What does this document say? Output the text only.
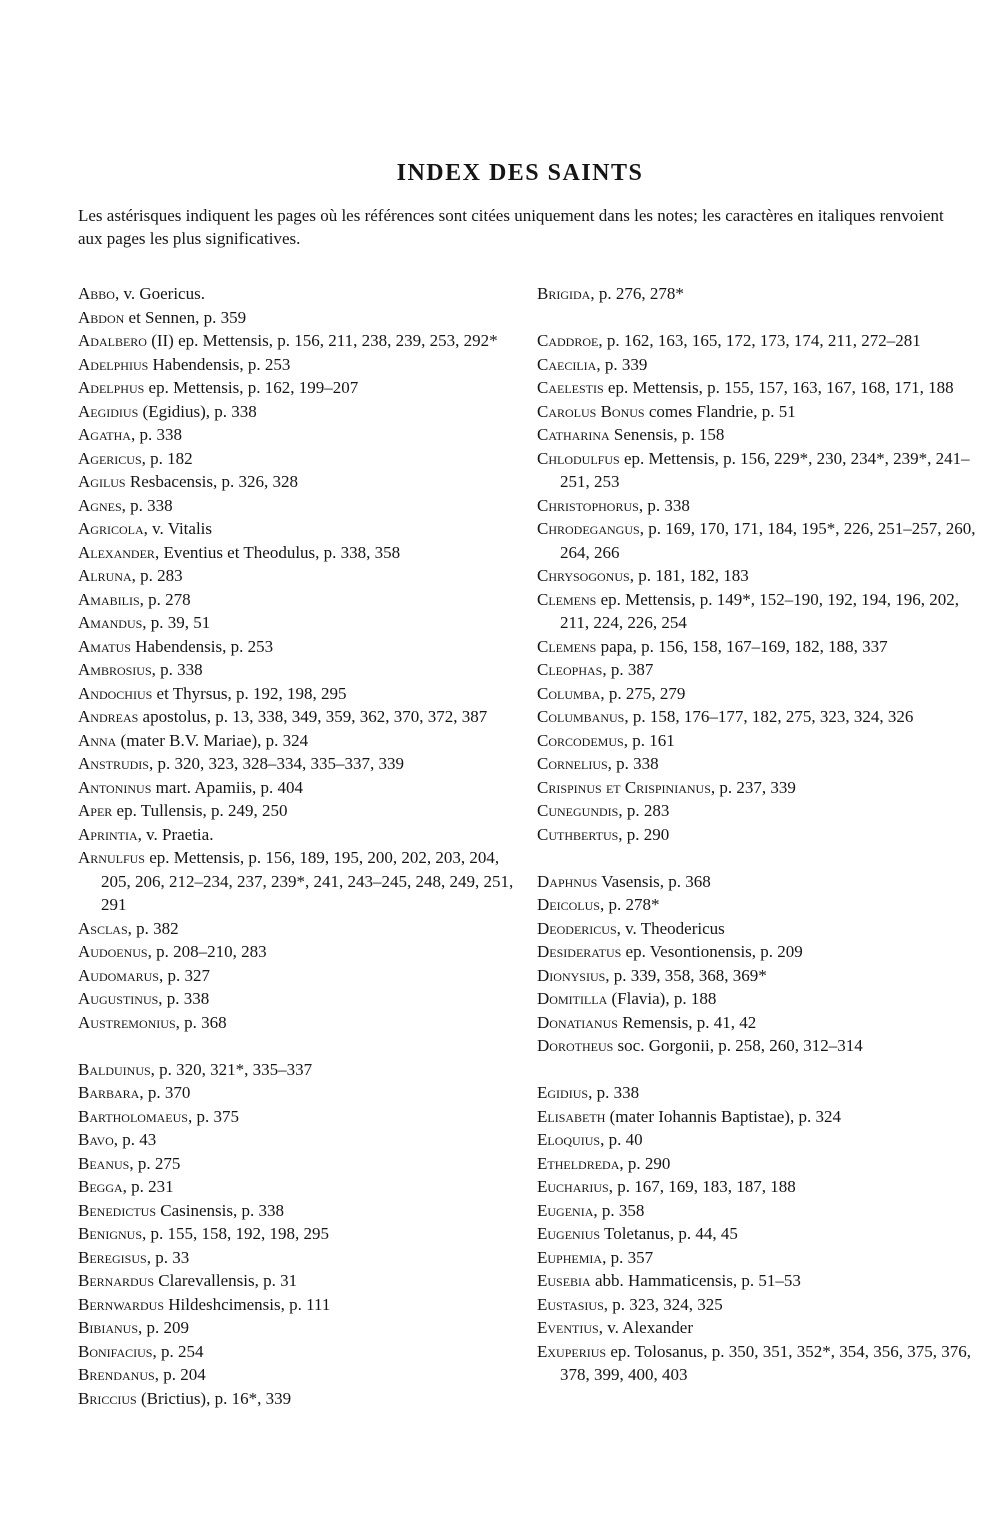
INDEX DES SAINTS

Les astérisques indiquent les pages où les références sont citées uniquement dans les notes; les caractères en italiques renvoient aux pages les plus significatives.

Abbo, v. Goericus.
Abdon et Sennen, p. 359
Adalbero (II) ep. Mettensis, p. 156, 211, 238, 239, 253, 292*
Adelphius Habendensis, p. 253
Adelphus ep. Mettensis, p. 162, 199–207
Aegidius (Egidius), p. 338
Agatha, p. 338
Agericus, p. 182
Agilus Resbacensis, p. 326, 328
Agnes, p. 338
Agricola, v. Vitalis
Alexander, Eventius et Theodulus, p. 338, 358
Alruna, p. 283
Amabilis, p. 278
Amandus, p. 39, 51
Amatus Habendensis, p. 253
Ambrosius, p. 338
Andochius et Thyrsus, p. 192, 198, 295
Andreas apostolus, p. 13, 338, 349, 359, 362, 370, 372, 387
Anna (mater B.V. Mariae), p. 324
Anstrudis, p. 320, 323, 328–334, 335–337, 339
Antoninus mart. Apamiis, p. 404
Aper ep. Tullensis, p. 249, 250
Aprintia, v. Praetia.
Arnulfus ep. Mettensis, p. 156, 189, 195, 200, 202, 203, 204, 205, 206, 212–234, 237, 239*, 241, 243–245, 248, 249, 251, 291
Asclas, p. 382
Audoenus, p. 208–210, 283
Audomarus, p. 327
Augustinus, p. 338
Austremonius, p. 368
Balduinus, p. 320, 321*, 335–337
Barbara, p. 370
Bartholomaeus, p. 375
Bavo, p. 43
Beanus, p. 275
Begga, p. 231
Benedictus Casinensis, p. 338
Benignus, p. 155, 158, 192, 198, 295
Beregisus, p. 33
Bernardus Clarevallensis, p. 31
Bernwardus Hildeshcimensis, p. 111
Bibianus, p. 209
Bonifacius, p. 254
Brendanus, p. 204
Briccius (Brictius), p. 16*, 339
Brigida, p. 276, 278*
Caddroe, p. 162, 163, 165, 172, 173, 174, 211, 272–281
Caecilia, p. 339
Caelestis ep. Mettensis, p. 155, 157, 163, 167, 168, 171, 188
Carolus Bonus comes Flandrie, p. 51
Catharina Senensis, p. 158
Chlodulfus ep. Mettensis, p. 156, 229*, 230, 234*, 239*, 241–251, 253
Christophorus, p. 338
Chrodegangus, p. 169, 170, 171, 184, 195*, 226, 251–257, 260, 264, 266
Chrysogonus, p. 181, 182, 183
Clemens ep. Mettensis, p. 149*, 152–190, 192, 194, 196, 202, 211, 224, 226, 254
Clemens papa, p. 156, 158, 167–169, 182, 188, 337
Cleophas, p. 387
Columba, p. 275, 279
Columbanus, p. 158, 176–177, 182, 275, 323, 324, 326
Corcodemus, p. 161
Cornelius, p. 338
Crispinus et Crispinianus, p. 237, 339
Cunegundis, p. 283
Cuthbertus, p. 290
Daphnus Vasensis, p. 368
Deicolus, p. 278*
Deodericus, v. Theodericus
Desideratus ep. Vesontionensis, p. 209
Dionysius, p. 339, 358, 368, 369*
Domitilla (Flavia), p. 188
Donatianus Remensis, p. 41, 42
Dorotheus soc. Gorgonii, p. 258, 260, 312–314
Egidius, p. 338
Elisabeth (mater Iohannis Baptistae), p. 324
Eloquius, p. 40
Etheldreda, p. 290
Eucharius, p. 167, 169, 183, 187, 188
Eugenia, p. 358
Eugenius Toletanus, p. 44, 45
Euphemia, p. 357
Eusebia abb. Hammaticensis, p. 51–53
Eustasius, p. 323, 324, 325
Eventius, v. Alexander
Exuperius ep. Tolosanus, p. 350, 351, 352*, 354, 356, 375, 376, 378, 399, 400, 403
